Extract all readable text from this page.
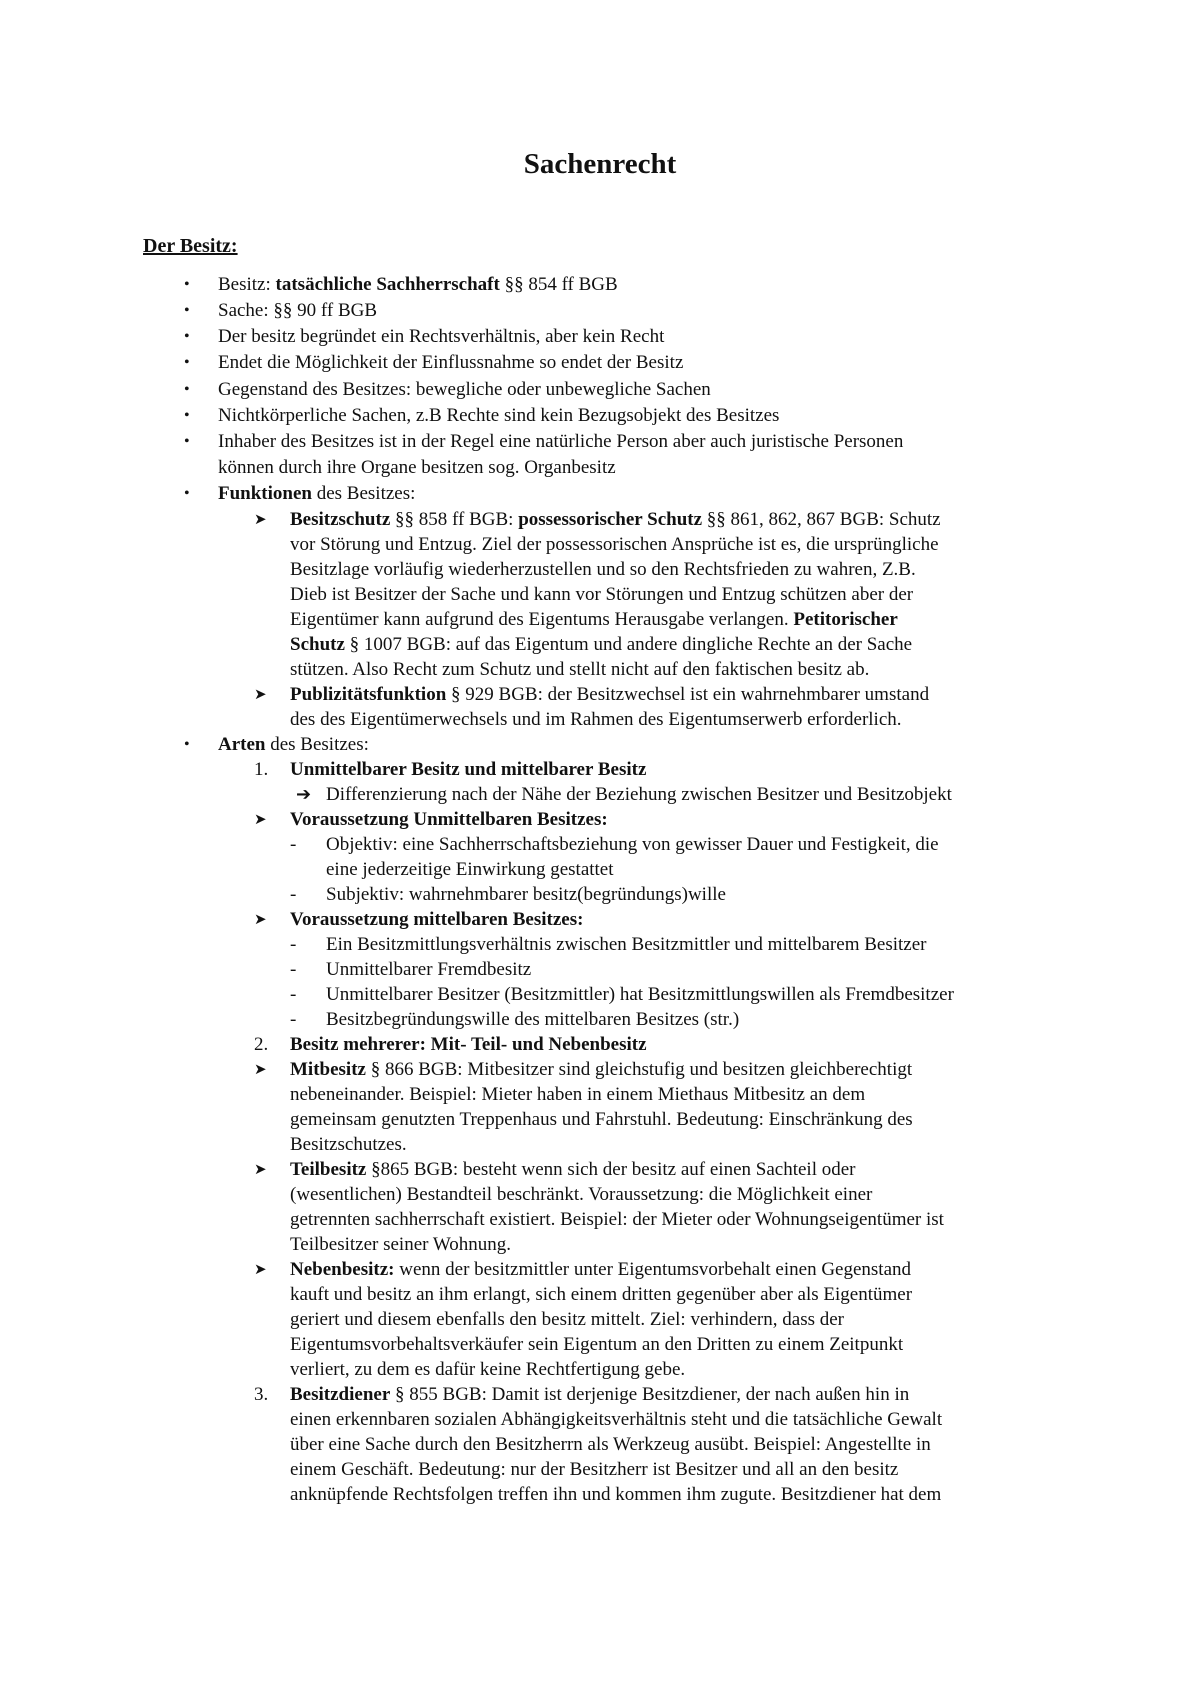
Sachenrecht
Der Besitz:
Besitz: tatsächliche Sachherrschaft §§ 854 ff BGB
Sache: §§ 90 ff BGB
Der besitz begründet ein Rechtsverhältnis, aber kein Recht
Endet die Möglichkeit der Einflussnahme so endet der Besitz
Gegenstand des Besitzes: bewegliche oder unbewegliche Sachen
Nichtkörperliche Sachen, z.B Rechte sind kein Bezugsobjekt des Besitzes
Inhaber des Besitzes ist in der Regel eine natürliche Person aber auch juristische Personen
können durch ihre Organe besitzen sog. Organbesitz
Funktionen des Besitzes:
Besitzschutz §§ 858 ff BGB: possessorischer Schutz §§ 861, 862, 867 BGB: Schutz
vor Störung und Entzug. Ziel der possessorischen Ansprüche ist es, die ursprüngliche
Besitzlage vorläufig wiederherzustellen und so den Rechtsfrieden zu wahren, Z.B.
Dieb ist Besitzer der Sache und kann vor Störungen und Entzug schützen aber der
Eigentümer kann aufgrund des Eigentums Herausgabe verlangen. Petitorischer
Schutz § 1007 BGB: auf das Eigentum und andere dingliche Rechte an der Sache
stützen. Also Recht zum Schutz und stellt nicht auf den faktischen besitz ab.
Publizitätsfunktion § 929 BGB: der Besitzwechsel ist ein wahrnehmbarer umstand
des des Eigentümerwechsels und im Rahmen des Eigentumserwerb erforderlich.
Arten des Besitzes:
Unmittelbarer Besitz und mittelbarer Besitz
Differenzierung nach der Nähe der Beziehung zwischen Besitzer und Besitzobjekt
Voraussetzung Unmittelbaren Besitzes:
Objektiv: eine Sachherrschaftsbeziehung von gewisser Dauer und Festigkeit, die
eine jederzeitige Einwirkung gestattet
Subjektiv: wahrnehmbarer besitz(begründungs)wille
Voraussetzung mittelbaren Besitzes:
Ein Besitzmittlungsverhältnis zwischen Besitzmittler und mittelbarem Besitzer
Unmittelbarer Fremdbesitz
Unmittelbarer Besitzer (Besitzmittler) hat Besitzmittlungswillen als Fremdbesitzer
Besitzbegründungswille des mittelbaren Besitzes (str.)
Besitz mehrerer: Mit- Teil- und Nebenbesitz
Mitbesitz § 866 BGB: Mitbesitzer sind gleichstufig und besitzen gleichberechtigt
nebeneinander. Beispiel: Mieter haben in einem Miethaus Mitbesitz an dem
gemeinsam genutzten Treppenhaus und Fahrstuhl. Bedeutung: Einschränkung des
Besitzschutzes.
Teilbesitz §865 BGB: besteht wenn sich der besitz auf einen Sachteil oder
(wesentlichen) Bestandteil beschränkt. Voraussetzung: die Möglichkeit einer
getrennten sachherrschaft existiert. Beispiel: der Mieter oder Wohnungseigentümer ist
Teilbesitzer seiner Wohnung.
Nebenbesitz: wenn der besitzmittler unter Eigentumsvorbehalt einen Gegenstand
kauft und besitz an ihm erlangt, sich einem dritten gegenüber aber als Eigentümer
geriert und diesem ebenfalls den besitz mittelt. Ziel: verhindern, dass der
Eigentumsvorbehaltsverkäufer sein Eigentum an den Dritten zu einem Zeitpunkt
verliert, zu dem es dafür keine Rechtfertigung gebe.
Besitzdiener § 855 BGB: Damit ist derjenige Besitzdiener, der nach außen hin in
einen erkennbaren sozialen Abhängigkeitsverhältnis steht und die tatsächliche Gewalt
über eine Sache durch den Besitzherrn als Werkzeug ausübt. Beispiel: Angestellte in
einem Geschäft. Bedeutung: nur der Besitzherr ist Besitzer und all an den besitz
anknüpfende Rechtsfolgen treffen ihn und kommen ihm zugute. Besitzdiener hat dem
•
•
•
•
•
•
•
•
➤
➤
•
1.
➔
➤
-
-
➤
-
-
-
-
2.
➤
➤
➤
3.
